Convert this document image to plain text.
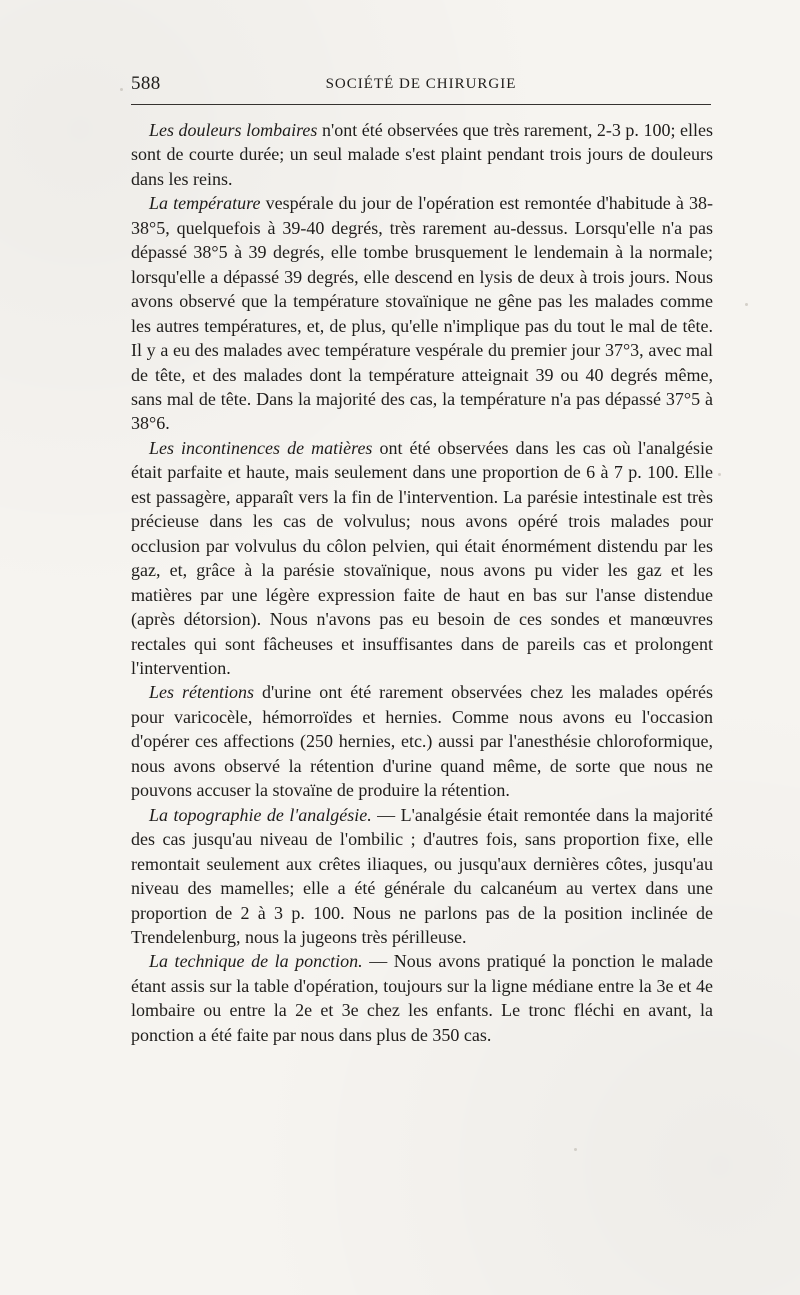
588	SOCIÉTÉ DE CHIRURGIE

Les douleurs lombaires n'ont été observées que très rarement, 2-3 p. 100; elles sont de courte durée; un seul malade s'est plaint pendant trois jours de douleurs dans les reins.

La température vespérale du jour de l'opération est remontée d'habitude à 38-38°5, quelquefois à 39-40 degrés, très rarement au-dessus. Lorsqu'elle n'a pas dépassé 38°5 à 39 degrés, elle tombe brusquement le lendemain à la normale; lorsqu'elle a dépassé 39 degrés, elle descend en lysis de deux à trois jours. Nous avons observé que la température stovaïnique ne gêne pas les malades comme les autres températures, et, de plus, qu'elle n'implique pas du tout le mal de tête. Il y a eu des malades avec température vespérale du premier jour 37°3, avec mal de tête, et des malades dont la température atteignait 39 ou 40 degrés même, sans mal de tête. Dans la majorité des cas, la température n'a pas dépassé 37°5 à 38°6.

Les incontinences de matières ont été observées dans les cas où l'analgésie était parfaite et haute, mais seulement dans une proportion de 6 à 7 p. 100. Elle est passagère, apparaît vers la fin de l'intervention. La parésie intestinale est très précieuse dans les cas de volvulus; nous avons opéré trois malades pour occlusion par volvulus du côlon pelvien, qui était énormément distendu par les gaz, et, grâce à la parésie stovaïnique, nous avons pu vider les gaz et les matières par une légère expression faite de haut en bas sur l'anse distendue (après détorsion). Nous n'avons pas eu besoin de ces sondes et manœuvres rectales qui sont fâcheuses et insuffisantes dans de pareils cas et prolongent l'intervention.

Les rétentions d'urine ont été rarement observées chez les malades opérés pour varicocèle, hémorroïdes et hernies. Comme nous avons eu l'occasion d'opérer ces affections (250 hernies, etc.) aussi par l'anesthésie chloroformique, nous avons observé la rétention d'urine quand même, de sorte que nous ne pouvons accuser la stovaïne de produire la rétention.

La topographie de l'analgésie. — L'analgésie était remontée dans la majorité des cas jusqu'au niveau de l'ombilic ; d'autres fois, sans proportion fixe, elle remontait seulement aux crêtes iliaques, ou jusqu'aux dernières côtes, jusqu'au niveau des mamelles; elle a été générale du calcanéum au vertex dans une proportion de 2 à 3 p. 100. Nous ne parlons pas de la position inclinée de Trendelenburg, nous la jugeons très périlleuse.

La technique de la ponction. — Nous avons pratiqué la ponction le malade étant assis sur la table d'opération, toujours sur la ligne médiane entre la 3e et 4e lombaire ou entre la 2e et 3e chez les enfants. Le tronc fléchi en avant, la ponction a été faite par nous dans plus de 350 cas.
